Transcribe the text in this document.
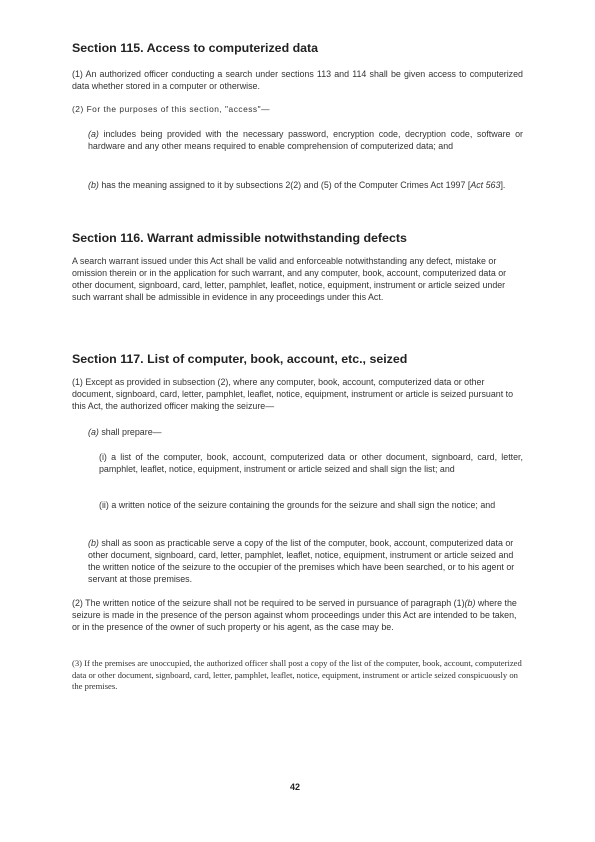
Section 115. Access to computerized data
(1) An authorized officer conducting a search under sections 113 and 114 shall be given access to computerized data whether stored in a computer or otherwise.
(2) For the purposes of this section, "access"—
(a) includes being provided with the necessary password, encryption code, decryption code, software or hardware and any other means required to enable comprehension of computerized data; and
(b) has the meaning assigned to it by subsections 2(2) and (5) of the Computer Crimes Act 1997 [Act 563].
Section 116. Warrant admissible notwithstanding defects
A search warrant issued under this Act shall be valid and enforceable notwithstanding any defect, mistake or omission therein or in the application for such warrant, and any computer, book, account, computerized data or other document, signboard, card, letter, pamphlet, leaflet, notice, equipment, instrument or article seized under such warrant shall be admissible in evidence in any proceedings under this Act.
Section 117. List of computer, book, account, etc., seized
(1) Except as provided in subsection (2), where any computer, book, account, computerized data or other document, signboard, card, letter, pamphlet, leaflet, notice, equipment, instrument or article is seized pursuant to this Act, the authorized officer making the seizure—
(a) shall prepare—
(i) a list of the computer, book, account, computerized data or other document, signboard, card, letter, pamphlet, leaflet, notice, equipment, instrument or article seized and shall sign the list; and
(ii) a written notice of the seizure containing the grounds for the seizure and shall sign the notice; and
(b) shall as soon as practicable serve a copy of the list of the computer, book, account, computerized data or other document, signboard, card, letter, pamphlet, leaflet, notice, equipment, instrument or article seized and the written notice of the seizure to the occupier of the premises which have been searched, or to his agent or servant at those premises.
(2) The written notice of the seizure shall not be required to be served in pursuance of paragraph (1)(b) where the seizure is made in the presence of the person against whom proceedings under this Act are intended to be taken, or in the presence of the owner of such property or his agent, as the case may be.
(3) If the premises are unoccupied, the authorized officer shall post a copy of the list of the computer, book, account, computerized data or other document, signboard, card, letter, pamphlet, leaflet, notice, equipment, instrument or article seized conspicuously on the premises.
42
